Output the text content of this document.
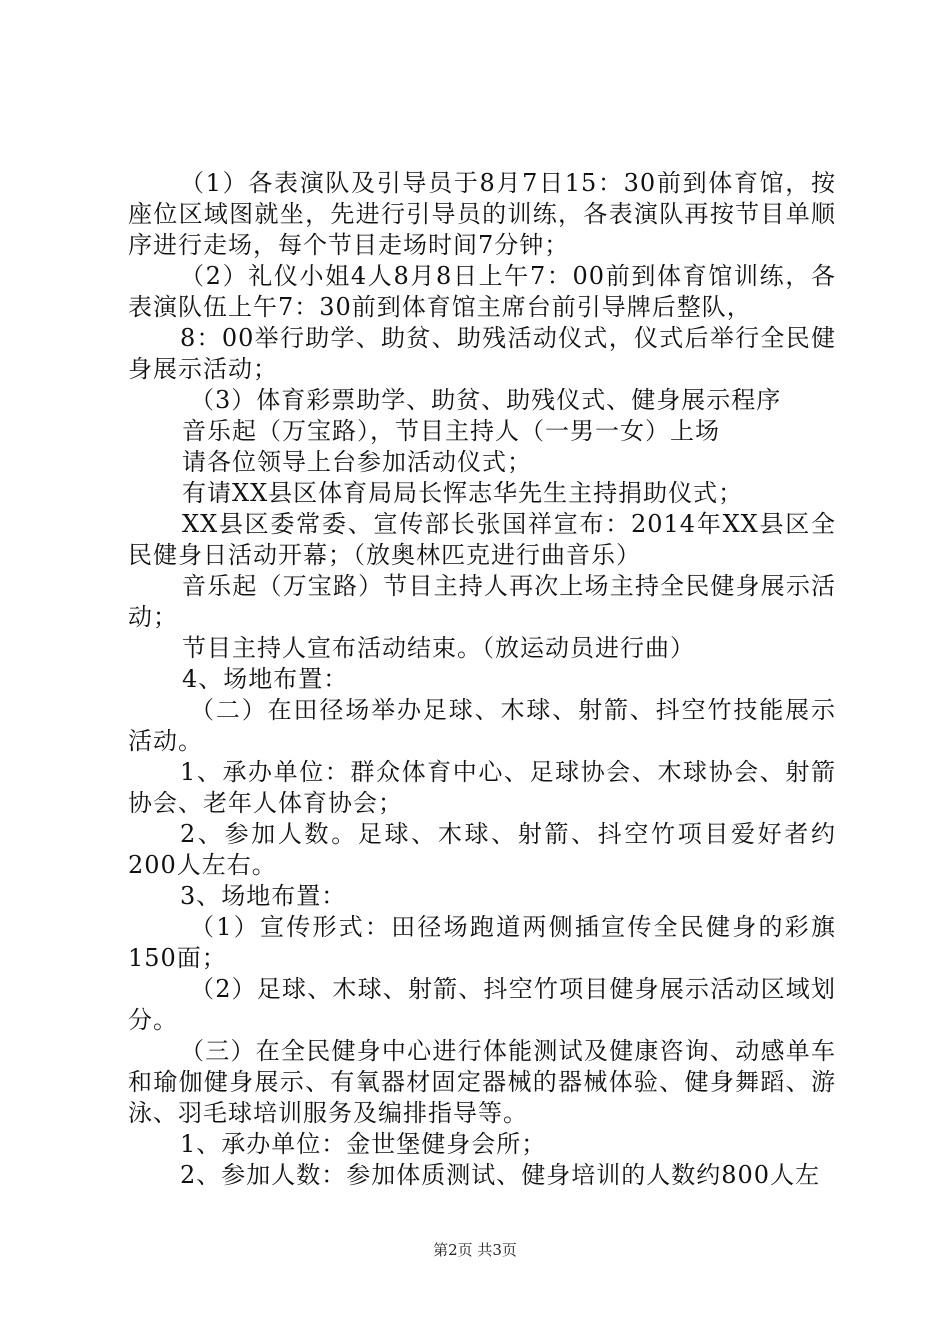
（1）各表演队及引导员于8月7日15：30前到体育馆，按座位区域图就坐，先进行引导员的训练，各表演队再按节目单顺序进行走场，每个节目走场时间7分钟；

（2）礼仪小姐4人8月8日上午7：00前到体育馆训练，各表演队伍上午7：30前到体育馆主席台前引导牌后整队，

8：00举行助学、助贫、助残活动仪式，仪式后举行全民健身展示活动；

（3）体育彩票助学、助贫、助残仪式、健身展示程序

音乐起（万宝路），节目主持人（一男一女）上场

请各位领导上台参加活动仪式；

有请XX县区体育局局长恽志华先生主持捐助仪式；

XX县区委常委、宣传部长张国祥宣布：2014年XX县区全民健身日活动开幕；（放奥林匹克进行曲音乐）

音乐起（万宝路）节目主持人再次上场主持全民健身展示活动；

节目主持人宣布活动结束。（放运动员进行曲）

4、场地布置：

（二）在田径场举办足球、木球、射箭、抖空竹技能展示活动。

1、承办单位：群众体育中心、足球协会、木球协会、射箭协会、老年人体育协会；

2、参加人数。足球、木球、射箭、抖空竹项目爱好者约200人左右。

3、场地布置：

（1）宣传形式：田径场跑道两侧插宣传全民健身的彩旗150面；

（2）足球、木球、射箭、抖空竹项目健身展示活动区域划分。

（三）在全民健身中心进行体能测试及健康咨询、动感单车和瑜伽健身展示、有氧器材固定器械的器械体验、健身舞蹈、游泳、羽毛球培训服务及编排指导等。

1、承办单位：金世堡健身会所；

2、参加人数：参加体质测试、健身培训的人数约800人左

第2页 共3页
